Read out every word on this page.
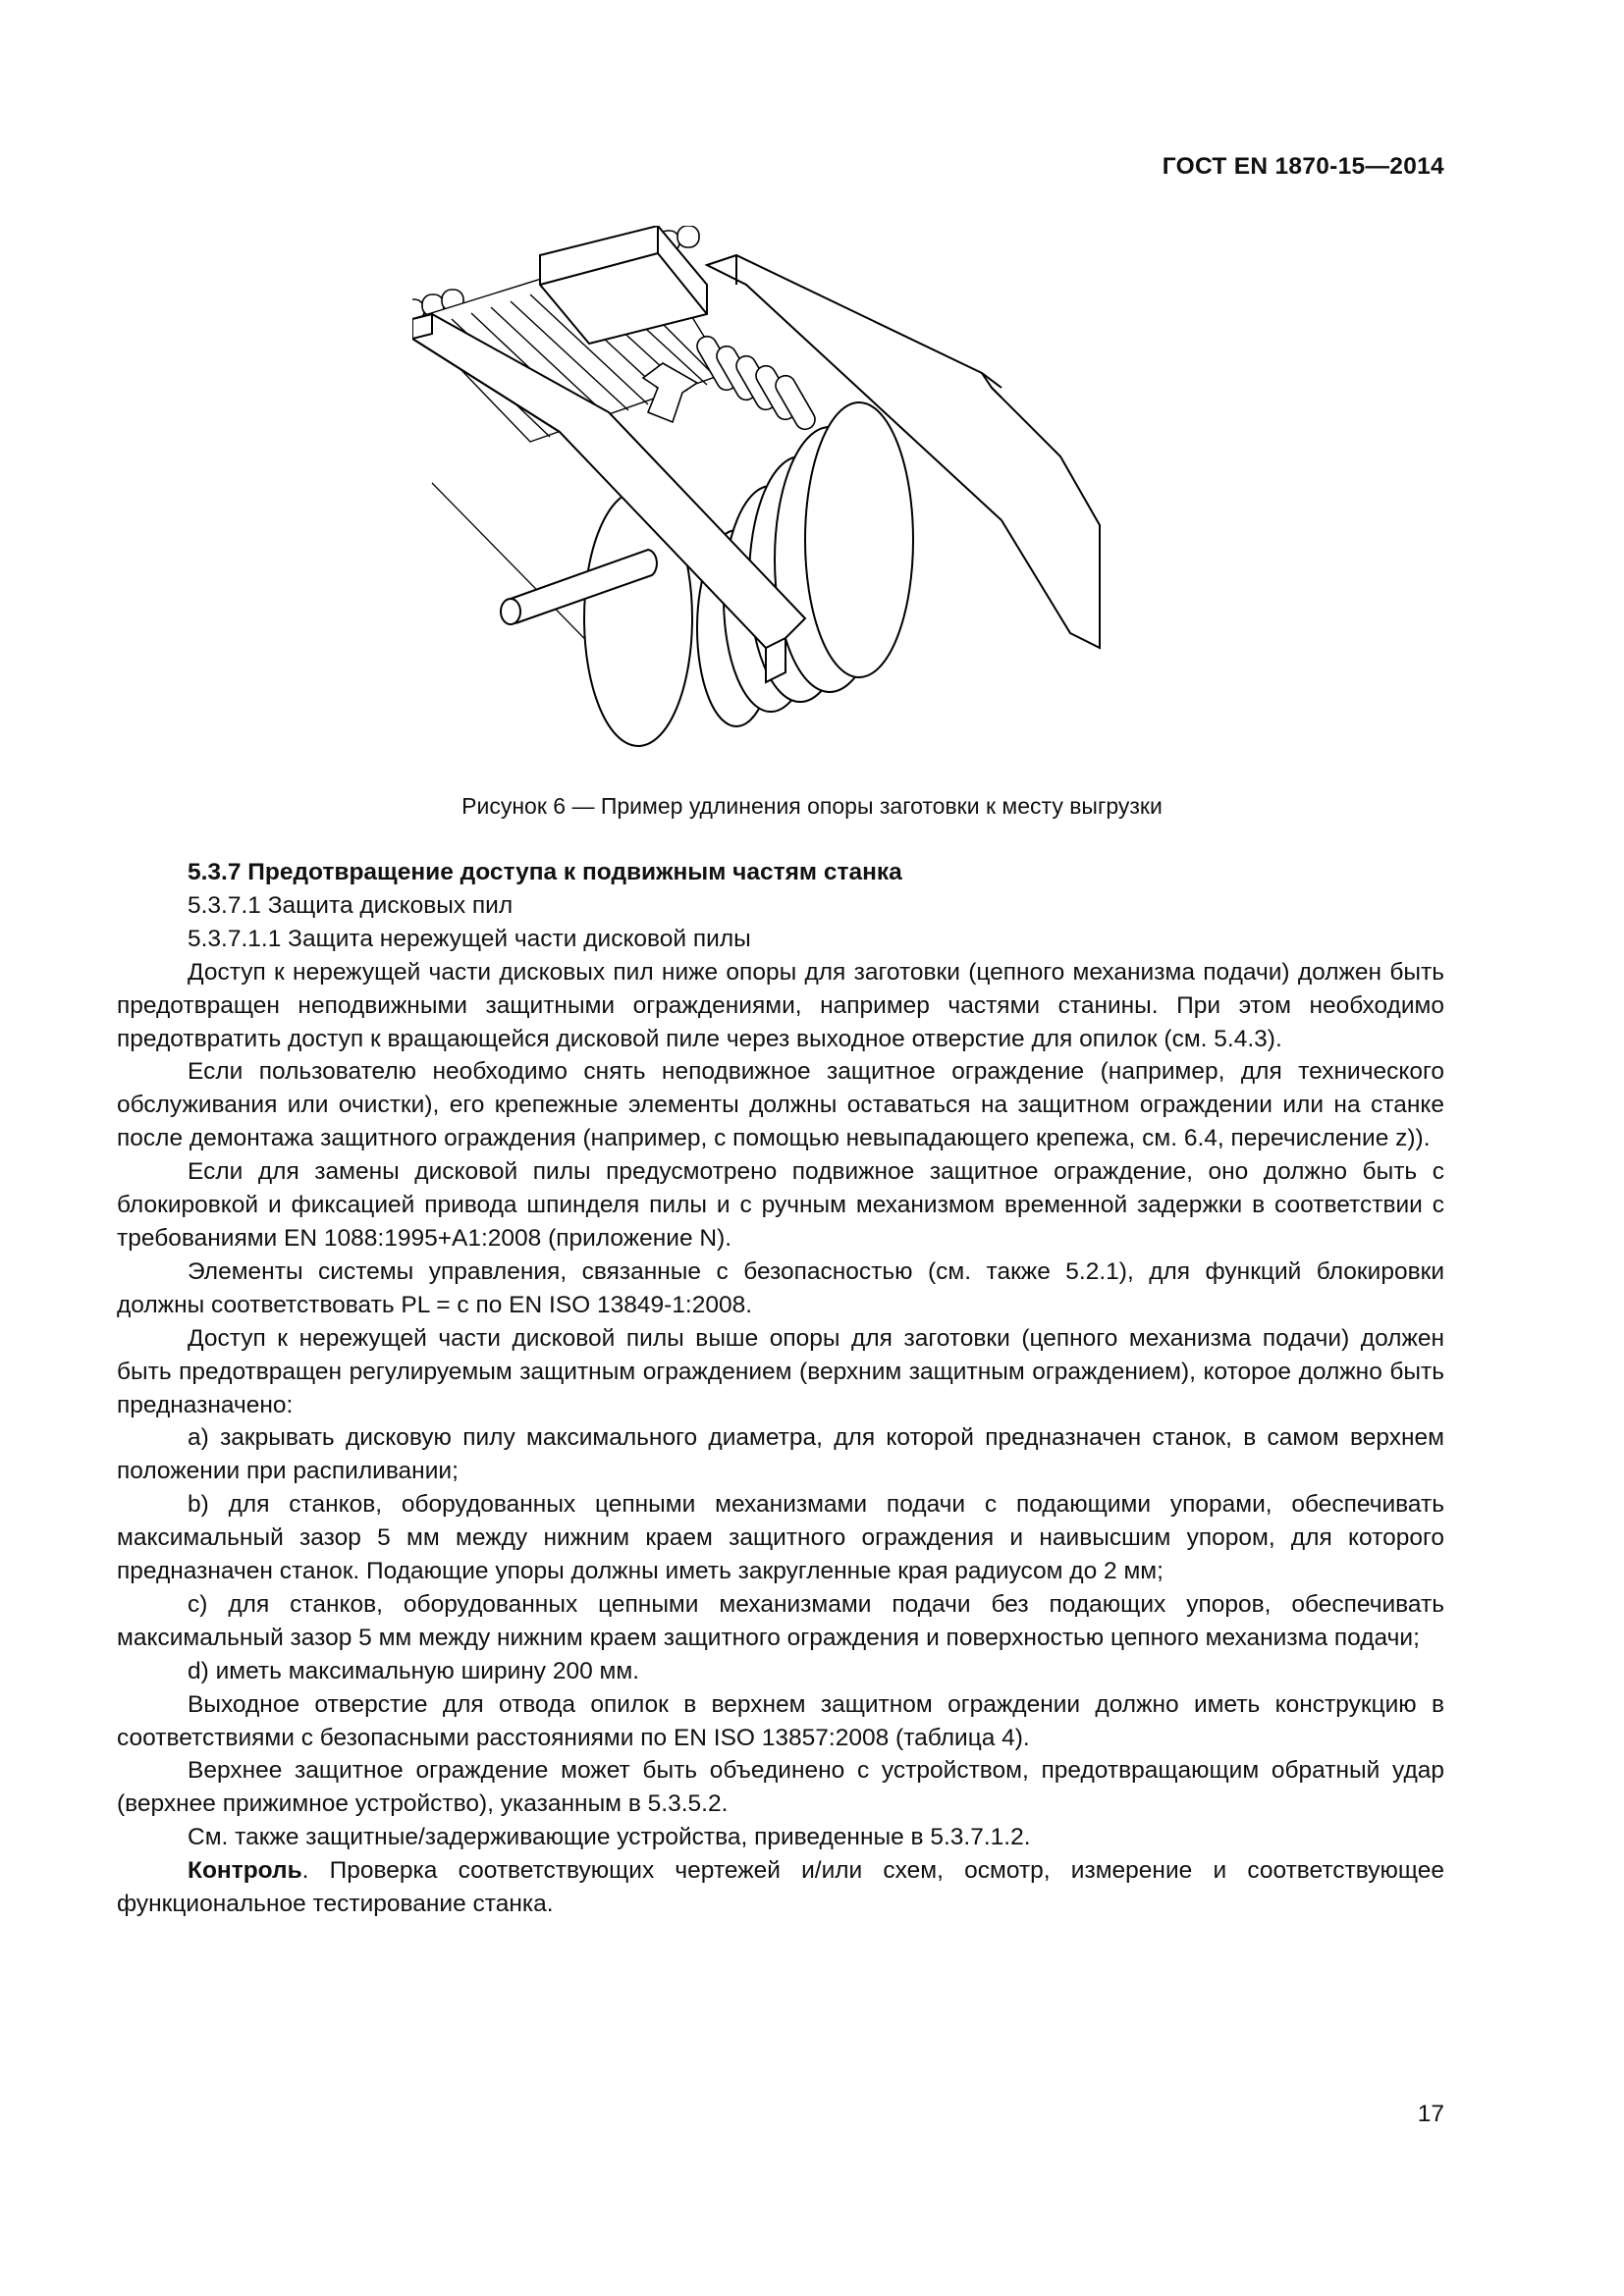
ГОСТ EN 1870-15—2014
Рисунок 6 — Пример удлинения опоры заготовки к месту выгрузки

5.3.7 Предотвращение доступа к подвижным частям станка

5.3.7.1 Защита дисковых пил

5.3.7.1.1 Защита нережущей части дисковой пилы

Доступ к нережущей части дисковых пил ниже опоры для заготовки (цепного механизма подачи) должен быть предотвращен неподвижными защитными ограждениями, например частями станины. При этом необходимо предотвратить доступ к вращающейся дисковой пиле через выходное отверстие для опилок (см. 5.4.3).

Если пользователю необходимо снять неподвижное защитное ограждение (например, для технического обслуживания или очистки), его крепежные элементы должны оставаться на защитном ограждении или на станке после демонтажа защитного ограждения (например, с помощью невыпадающего крепежа, см. 6.4, перечисление z)).

Если для замены дисковой пилы предусмотрено подвижное защитное ограждение, оно должно быть с блокировкой и фиксацией привода шпинделя пилы и с ручным механизмом временной задержки в соответствии с требованиями EN 1088:1995+A1:2008 (приложение N).

Элементы системы управления, связанные с безопасностью (см. также 5.2.1), для функций блокировки должны соответствовать PL = с по EN ISO 13849-1:2008.

Доступ к нережущей части дисковой пилы выше опоры для заготовки (цепного механизма подачи) должен быть предотвращен регулируемым защитным ограждением (верхним защитным ограждением), которое должно быть предназначено:

a) закрывать дисковую пилу максимального диаметра, для которой предназначен станок, в самом верхнем положении при распиливании;

b) для станков, оборудованных цепными механизмами подачи с подающими упорами, обеспечивать максимальный зазор 5 мм между нижним краем защитного ограждения и наивысшим упором, для которого предназначен станок. Подающие упоры должны иметь закругленные края радиусом до 2 мм;

с) для станков, оборудованных цепными механизмами подачи без подающих упоров, обеспечивать максимальный зазор 5 мм между нижним краем защитного ограждения и поверхностью цепного механизма подачи;

d) иметь максимальную ширину 200 мм.

Выходное отверстие для отвода опилок в верхнем защитном ограждении должно иметь конструкцию в соответствиями с безопасными расстояниями по EN ISO 13857:2008 (таблица 4).

Верхнее защитное ограждение может быть объединено с устройством, предотвращающим обратный удар (верхнее прижимное устройство), указанным в 5.3.5.2.

См. также защитные/задерживающие устройства, приведенные в 5.3.7.1.2.

Контроль. Проверка соответствующих чертежей и/или схем, осмотр, измерение и соответствующее функциональное тестирование станка.

17
